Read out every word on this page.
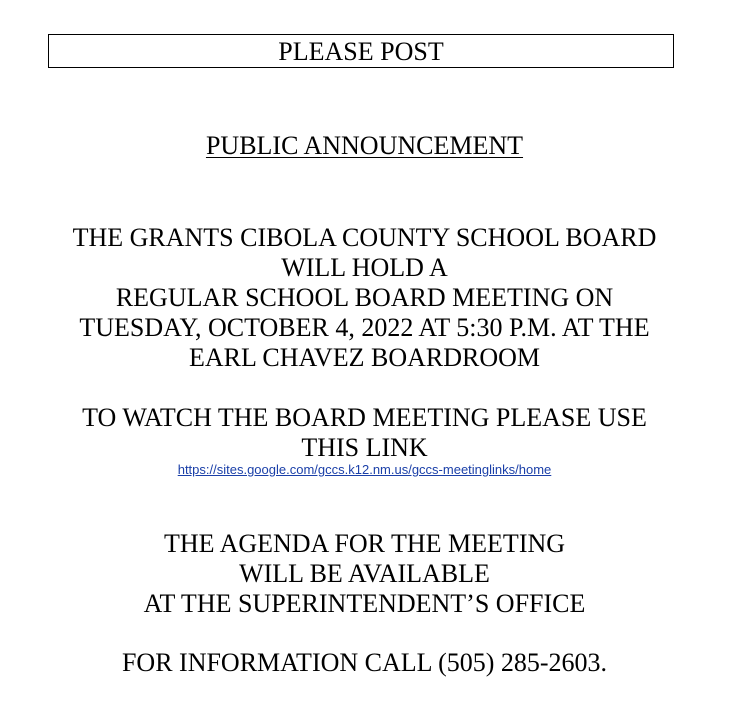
PLEASE POST
PUBLIC ANNOUNCEMENT
THE GRANTS CIBOLA COUNTY SCHOOL BOARD
WILL HOLD A
REGULAR SCHOOL BOARD MEETING ON
TUESDAY, OCTOBER 4, 2022 AT 5:30 P.M. AT THE
EARL CHAVEZ BOARDROOM
TO WATCH THE BOARD MEETING PLEASE USE
THIS LINK
https://sites.google.com/gccs.k12.nm.us/gccs-meetinglinks/home
THE AGENDA FOR THE MEETING
WILL BE AVAILABLE
AT THE SUPERINTENDENT’S OFFICE
FOR INFORMATION CALL (505) 285-2603.
